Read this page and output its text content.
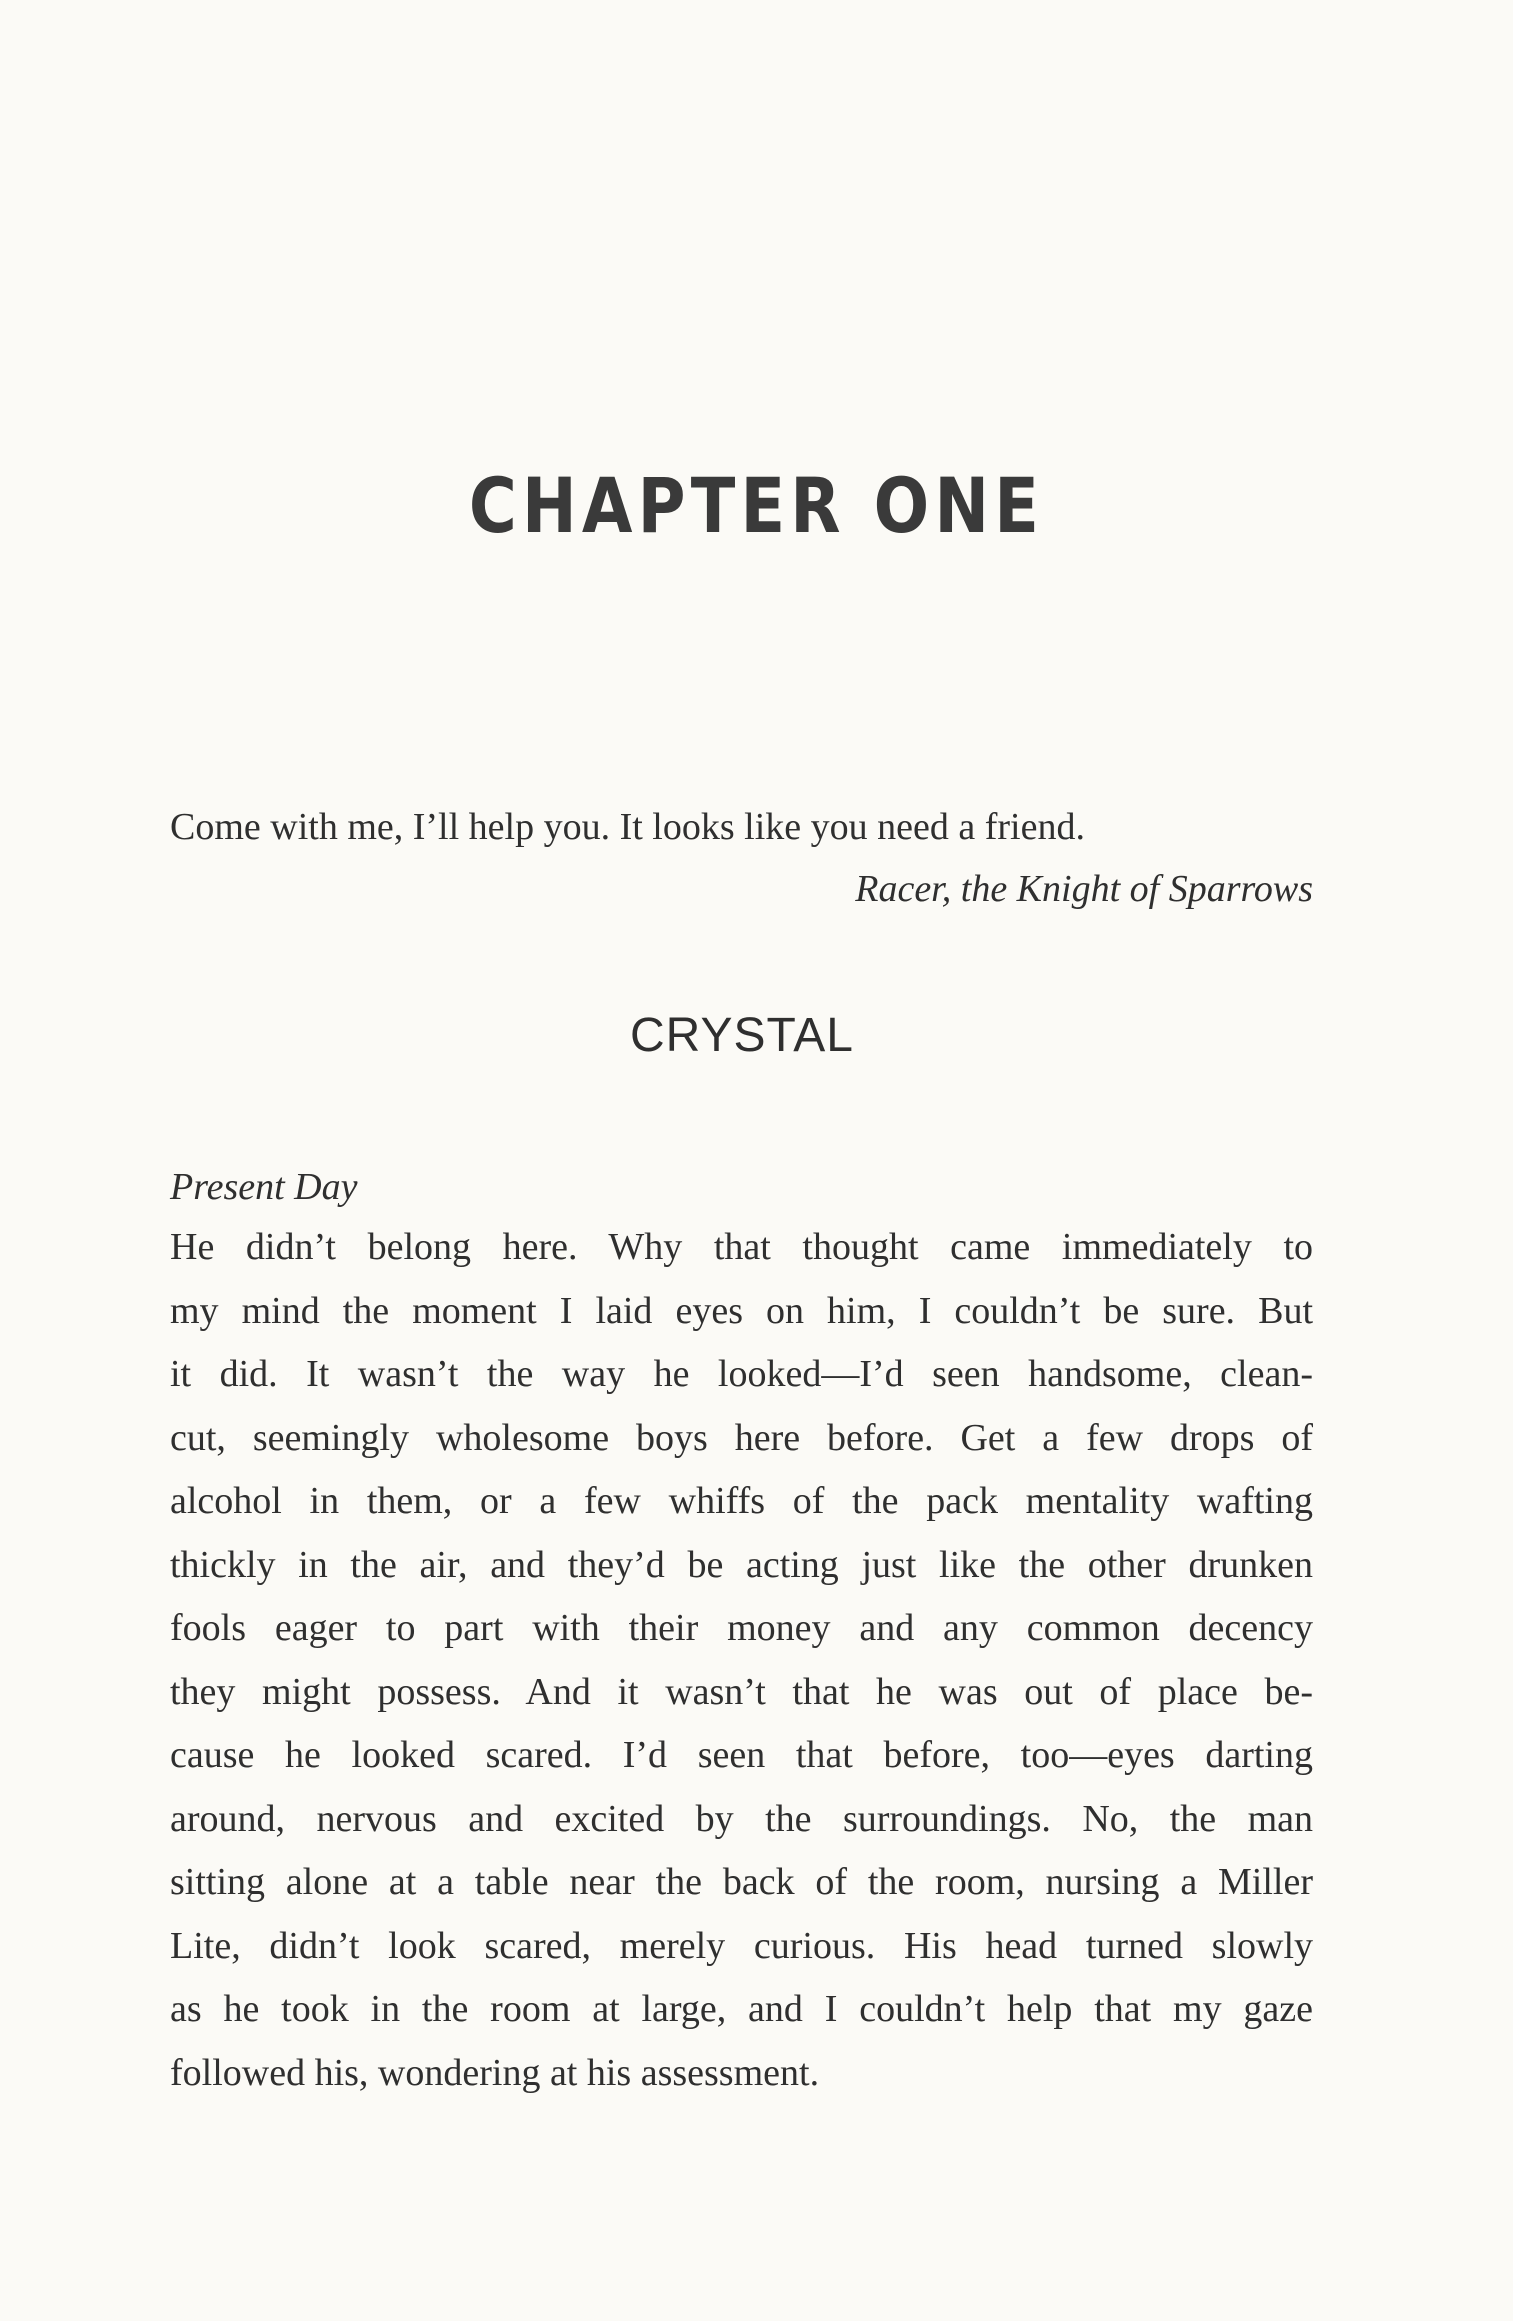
CHAPTER ONE
Come with me, I’ll help you. It looks like you need a friend.
Racer, the Knight of Sparrows
CRYSTAL
Present Day
He didn’t belong here. Why that thought came immediately to
my mind the moment I laid eyes on him, I couldn’t be sure. But
it did. It wasn’t the way he looked—I’d seen handsome, clean-
cut, seemingly wholesome boys here before. Get a few drops of
alcohol in them, or a few whiffs of the pack mentality wafting
thickly in the air, and they’d be acting just like the other drunken
fools eager to part with their money and any common decency
they might possess. And it wasn’t that he was out of place be-
cause he looked scared. I’d seen that before, too—eyes darting
around, nervous and excited by the surroundings. No, the man
sitting alone at a table near the back of the room, nursing a Miller
Lite, didn’t look scared, merely curious. His head turned slowly
as he took in the room at large, and I couldn’t help that my gaze
followed his, wondering at his assessment.
